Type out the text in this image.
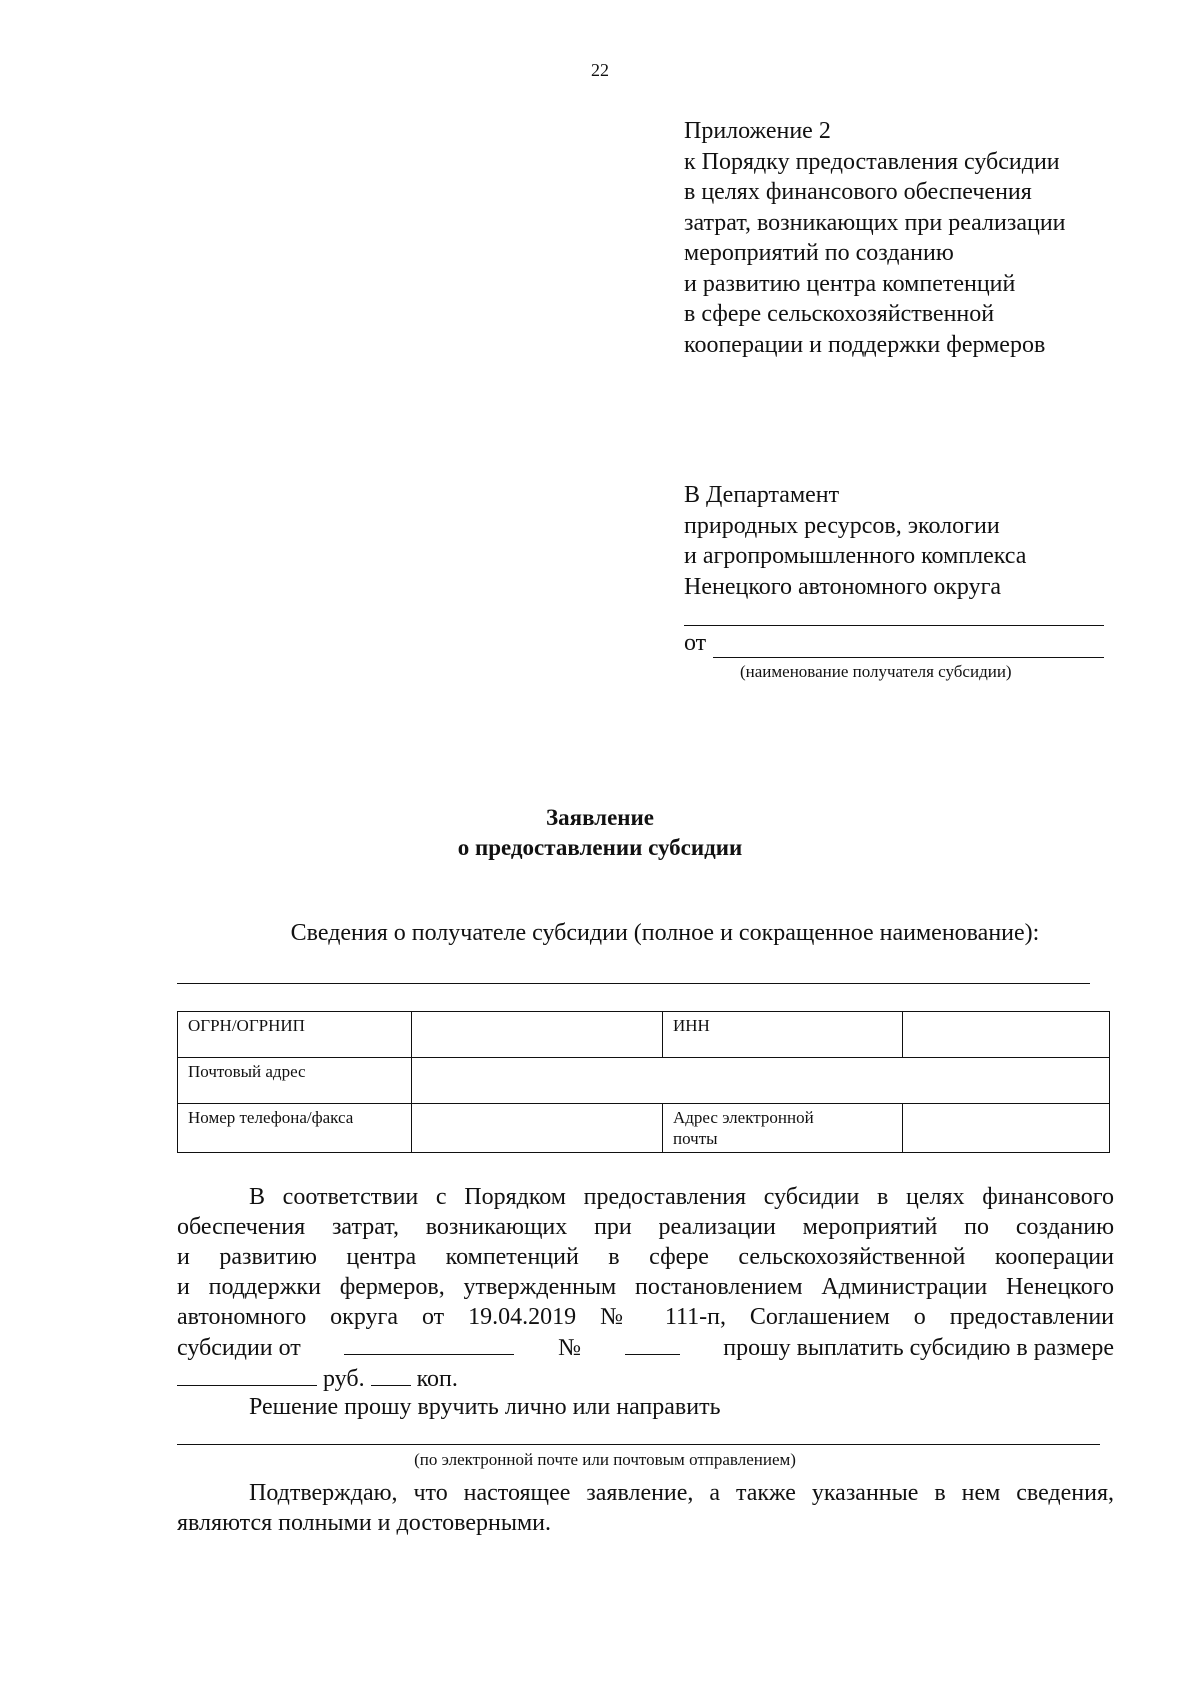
22
Приложение 2
к Порядку предоставления субсидии
в целях финансового обеспечения
затрат, возникающих при реализации
мероприятий по созданию
и развитию центра компетенций
в сфере сельскохозяйственной
кооперации и поддержки фермеров
В Департамент
природных ресурсов, экологии
и агропромышленного комплекса
Ненецкого автономного округа
от
(наименование получателя субсидии)
Заявление
о предоставлении субсидии
Сведения о получателе субсидии (полное и сокращенное наименование):
ОГРН/ОГРНИП		ИНН	
Почтовый адрес			
Номер телефона/факса		Адрес электронной
почты	

В соответствии с Порядком предоставления субсидии в целях финансового
обеспечения затрат, возникающих при реализации мероприятий по созданию
и развитию центра компетенций в сфере сельскохозяйственной кооперации
и поддержки фермеров, утвержденным постановлением Администрации Ненецкого
автономного округа от 19.04.2019 № 111-п, Соглашением о предоставлении
субсидии от	№	прошу выплатить субсидию в размере
руб. коп.
Решение прошу вручить лично или направить
(по электронной почте или почтовым отправлением)
Подтверждаю, что настоящее заявление, а также указанные в нем сведения,
являются полными и достоверными.
